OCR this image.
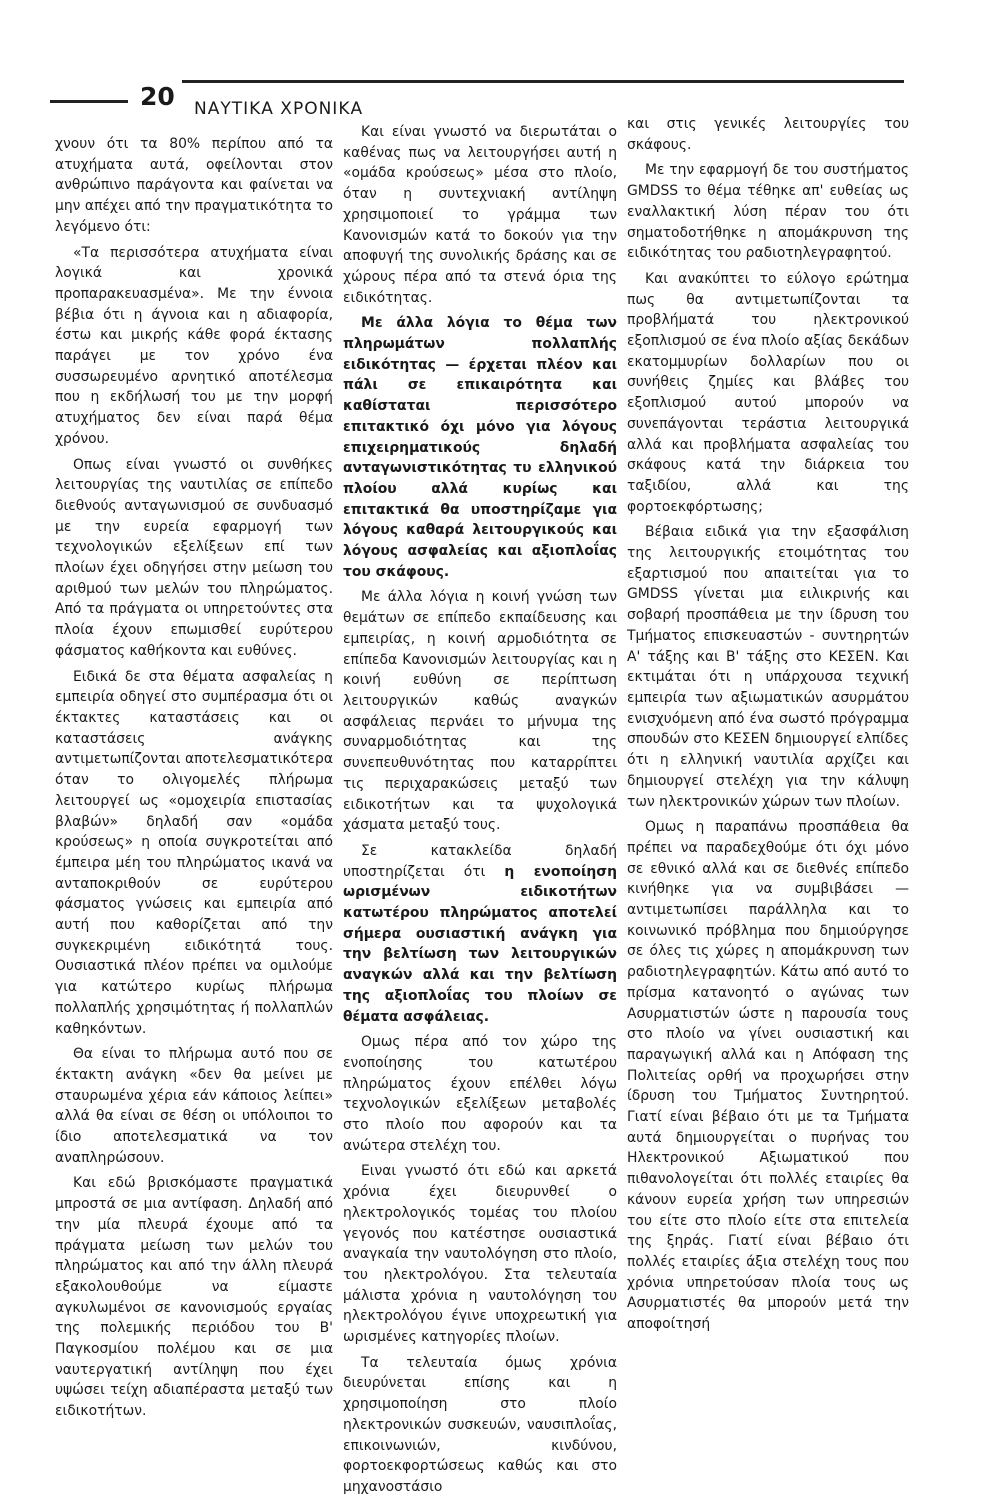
20 ΝΑΥΤΙΚΑ ΧΡΟΝΙΚΑ

χνουν ότι τα 80% περίπου από τα ατυχήματα αυτά, οφείλονται στον ανθρώπινο παράγοντα και φαίνεται να μην απέχει από την πραγματικότητα το λεγόμενο ότι:

«Τα περισσότερα ατυχήματα είναι λογικά και χρονικά προπαρακευασμένα». Με την έννοια βέβια ότι η άγνοια και η αδιαφορία, έστω και μικρής κάθε φορά έκτασης παράγει με τον χρόνο ένα συσσωρευμένο αρνητικό αποτέλεσμα που η εκδήλωσή του με την μορφή ατυχήματος δεν είναι παρά θέμα χρόνου.

Οπως είναι γνωστό οι συνθήκες λειτουργίας της ναυτιλίας σε επίπεδο διεθνούς ανταγωνισμού σε συνδυασμό με την ευρεία εφαρμογή των τεχνολογικών εξελίξεων επί των πλοίων έχει οδηγήσει στην μείωση του αριθμού των μελών του πληρώματος. Από τα πράγματα οι υπηρετούντες στα πλοία έχουν επωμισθεί ευρύτερου φάσματος καθήκοντα και ευθύνες.

Ειδικά δε στα θέματα ασφαλείας η εμπειρία οδηγεί στο συμπέρασμα ότι οι έκτακτες καταστάσεις και οι καταστάσεις ανάγκης αντιμετωπίζονται αποτελεσματικότερα όταν το ολιγομελές πλήρωμα λειτουργεί ως «ομοχειρία επιστασίας βλαβών» δηλαδή σαν «ομάδα κρούσεως» η οποία συγκροτείται από έμπειρα μέη του πληρώματος ικανά να ανταποκριθούν σε ευρύτερου φάσματος γνώσεις και εμπειρία από αυτή που καθορίζεται από την συγκεκριμένη ειδικότητά τους. Ουσιαστικά πλέον πρέπει να ομιλούμε για κατώτερο κυρίως πλήρωμα πολλαπλής χρησιμότητας ή πολλαπλών καθηκόντων.

Θα είναι το πλήρωμα αυτό που σε έκτακτη ανάγκη «δεν θα μείνει με σταυρωμένα χέρια εάν κάποιος λείπει» αλλά θα είναι σε θέση οι υπόλοιποι το ίδιο αποτελεσματικά να τον αναπληρώσουν.

Και εδώ βρισκόμαστε πραγματικά μπροστά σε μια αντίφαση. Δηλαδή από την μία πλευρά έχουμε από τα πράγματα μείωση των μελών του πληρώματος και από την άλλη πλευρά εξακολουθούμε να είμαστε αγκυλωμένοι σε κανονισμούς εργαίας της πολεμικής περιόδου του Β' Παγκοσμίου πολέμου και σε μια ναυτεργατική αντίληψη που έχει υψώσει τείχη αδιαπέραστα μεταξύ των ειδικοτήτων.

Και είναι γνωστό να διερωτάται ο καθένας πως να λειτουργήσει αυτή η «ομάδα κρούσεως» μέσα στο πλοίο, όταν η συντεχνιακή αντίληψη χρησιμοποιεί το γράμμα των Κανονισμών κατά το δοκούν για την αποφυγή της συνολικής δράσης και σε χώρους πέρα από τα στενά όρια της ειδικότητας.

Με άλλα λόγια το θέμα των πληρωμάτων πολλαπλής ειδικότητας — έρχεται πλέον και πάλι σε επικαιρότητα και καθίσταται περισσότερο επιτακτικό όχι μόνο για λόγους επιχειρηματικούς δηλαδή ανταγωνιστικότητας τυ ελληνικού πλοίου αλλά κυρίως και επιτακτικά θα υποστηρίζαμε για λόγους καθαρά λειτουργικούς και λόγους ασφαλείας και αξιοπλοΐας του σκάφους.

Με άλλα λόγια η κοινή γνώση των θεμάτων σε επίπεδο εκπαίδευσης και εμπειρίας, η κοινή αρμοδιότητα σε επίπεδα Κανονισμών λειτουργίας και η κοινή ευθύνη σε περίπτωση λειτουργικών καθώς αναγκών ασφάλειας περνάει το μήνυμα της συναρμοδιότητας και της συνεπευθυνότητας που καταρρίπτει τις περιχαρακώσεις μεταξύ των ειδικοτήτων και τα ψυχολογικά χάσματα μεταξύ τους.

Σε κατακλείδα δηλαδή υποστηρίζεται ότι η ενοποίηση ωρισμένων ειδικοτήτων κατωτέρου πληρώματος αποτελεί σήμερα ουσιαστική ανάγκη για την βελτίωση των λειτουργικών αναγκών αλλά και την βελτίωση της αξιοπλοΐας του πλοίων σε θέματα ασφάλειας.

Ομως πέρα από τον χώρο της ενοποίησης του κατωτέρου πληρώματος έχουν επέλθει λόγω τεχνολογικών εξελίξεων μεταβολές στο πλοίο που αφορούν και τα ανώτερα στελέχη του.

Ειναι γνωστό ότι εδώ και αρκετά χρόνια έχει διευρυνθεί ο ηλεκτρολογικός τομέας του πλοίου γεγονός που κατέστησε ουσιαστικά αναγκαία την ναυτολόγηση στο πλοίο, του ηλεκτρολόγου. Στα τελευταία μάλιστα χρόνια η ναυτολόγηση του ηλεκτρολόγου έγινε υποχρεωτική για ωρισμένες κατηγορίες πλοίων.

Τα τελευταία όμως χρόνια διευρύνεται επίσης και η χρησιμοποίηση στο πλοίο ηλεκτρονικών συσκευών, ναυσιπλοΐας, επικοινωνιών, κινδύνου, φορτοεκφορτώσεως καθώς και στο μηχανοστάσιο

και στις γενικές λειτουργίες του σκάφους.

Με την εφαρμογή δε του συστήματος GMDSS το θέμα τέθηκε απ' ευθείας ως εναλλακτική λύση πέραν του ότι σηματοδοτήθηκε η απομάκρυνση της ειδικότητας του ραδιοτηλεγραφητού.

Και ανακύπτει το εύλογο ερώτημα πως θα αντιμετωπίζονται τα προβλήματά του ηλεκτρονικού εξοπλισμού σε ένα πλοίο αξίας δεκάδων εκατομμυρίων δολλαρίων που οι συνήθεις ζημίες και βλάβες του εξοπλισμού αυτού μπορούν να συνεπάγονται τεράστια λειτουργικά αλλά και προβλήματα ασφαλείας του σκάφους κατά την διάρκεια του ταξιδίου, αλλά και της φορτοεκφόρτωσης;

Βέβαια ειδικά για την εξασφάλιση της λειτουργικής ετοιμότητας του εξαρτισμού που απαιτείται για το GMDSS γίνεται μια ειλικρινής και σοβαρή προσπάθεια με την ίδρυση του Τμήματος επισκευαστών - συντηρητών Α' τάξης και Β' τάξης στο ΚΕΣΕΝ. Και εκτιμάται ότι η υπάρχουσα τεχνική εμπειρία των αξιωματικών ασυρμάτου ενισχυόμενη από ένα σωστό πρόγραμμα σπουδών στο ΚΕΣΕΝ δημιουργεί ελπίδες ότι η ελληνική ναυτιλία αρχίζει και δημιουργεί στελέχη για την κάλυψη των ηλεκτρονικών χώρων των πλοίων.

Ομως η παραπάνω προσπάθεια θα πρέπει να παραδεχθούμε ότι όχι μόνο σε εθνικό αλλά και σε διεθνές επίπεδο κινήθηκε για να συμβιβάσει — αντιμετωπίσει παράλληλα και το κοινωνικό πρόβλημα που δημιούργησε σε όλες τις χώρες η απομάκρυνση των ραδιοτηλεγραφητών. Κάτω από αυτό το πρίσμα κατανοητό ο αγώνας των Ασυρματιστών ώστε η παρουσία τους στο πλοίο να γίνει ουσιαστική και παραγωγική αλλά και η Απόφαση της Πολιτείας ορθή να προχωρήσει στην ίδρυση του Τμήματος Συντηρητού. Γιατί είναι βέβαιο ότι με τα Τμήματα αυτά δημιουργείται ο πυρήνας του Ηλεκτρονικού Αξιωματικού που πιθανολογείται ότι πολλές εταιρίες θα κάνουν ευρεία χρήση των υπηρεσιών του είτε στο πλοίο είτε στα επιτελεία της ξηράς. Γιατί είναι βέβαιο ότι πολλές εταιρίες άξια στελέχη τους που χρόνια υπηρετούσαν πλοία τους ως Ασυρματιστές θα μπορούν μετά την αποφοίτησή
